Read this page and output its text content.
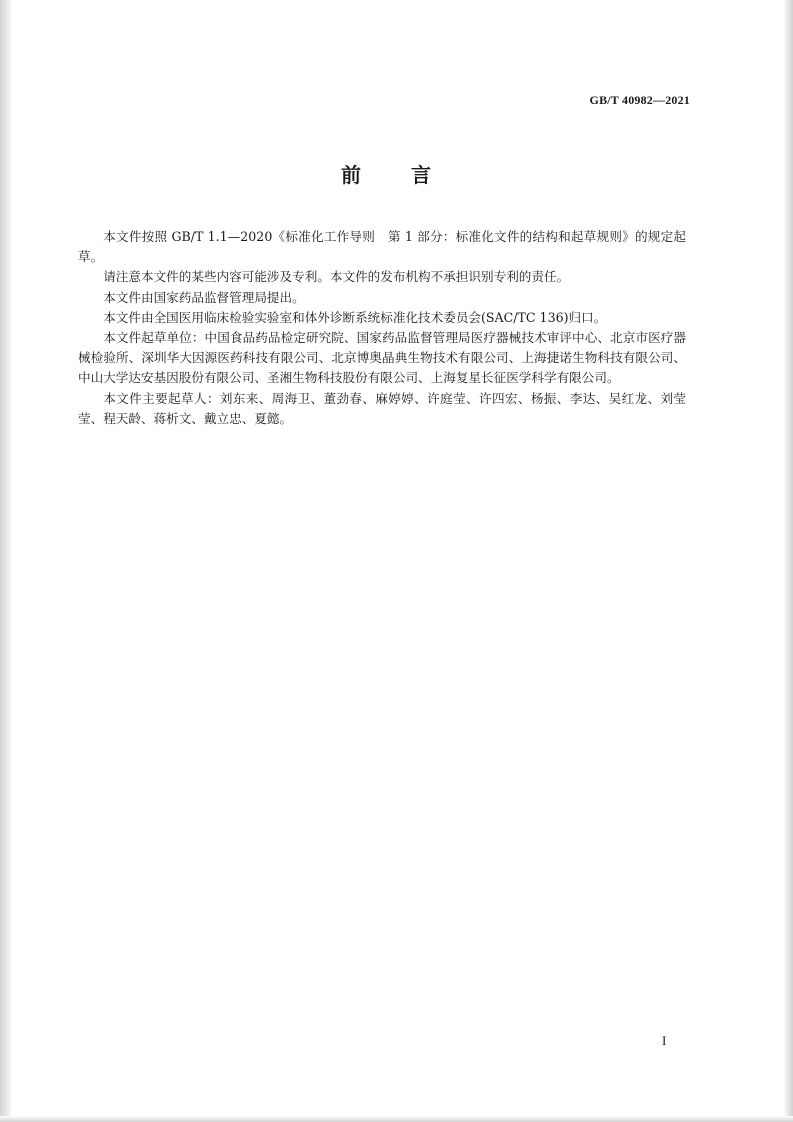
GB/T 40982—2021
前	言

本文件按照 GB/T 1.1—2020《标准化工作导则　第 1 部分：标准化文件的结构和起草规则》的规定起草。

请注意本文件的某些内容可能涉及专利。本文件的发布机构不承担识别专利的责任。

本文件由国家药品监督管理局提出。

本文件由全国医用临床检验实验室和体外诊断系统标准化技术委员会(SAC/TC 136)归口。

本文件起草单位：中国食品药品检定研究院、国家药品监督管理局医疗器械技术审评中心、北京市医疗器械检验所、深圳华大因源医药科技有限公司、北京博奥晶典生物技术有限公司、上海捷诺生物科技有限公司、中山大学达安基因股份有限公司、圣湘生物科技股份有限公司、上海复星长征医学科学有限公司。

本文件主要起草人：刘东来、周海卫、董劲春、麻婷婷、许庭莹、许四宏、杨振、李达、吴红龙、刘莹莹、程天龄、蒋析文、戴立忠、夏懿。

I
